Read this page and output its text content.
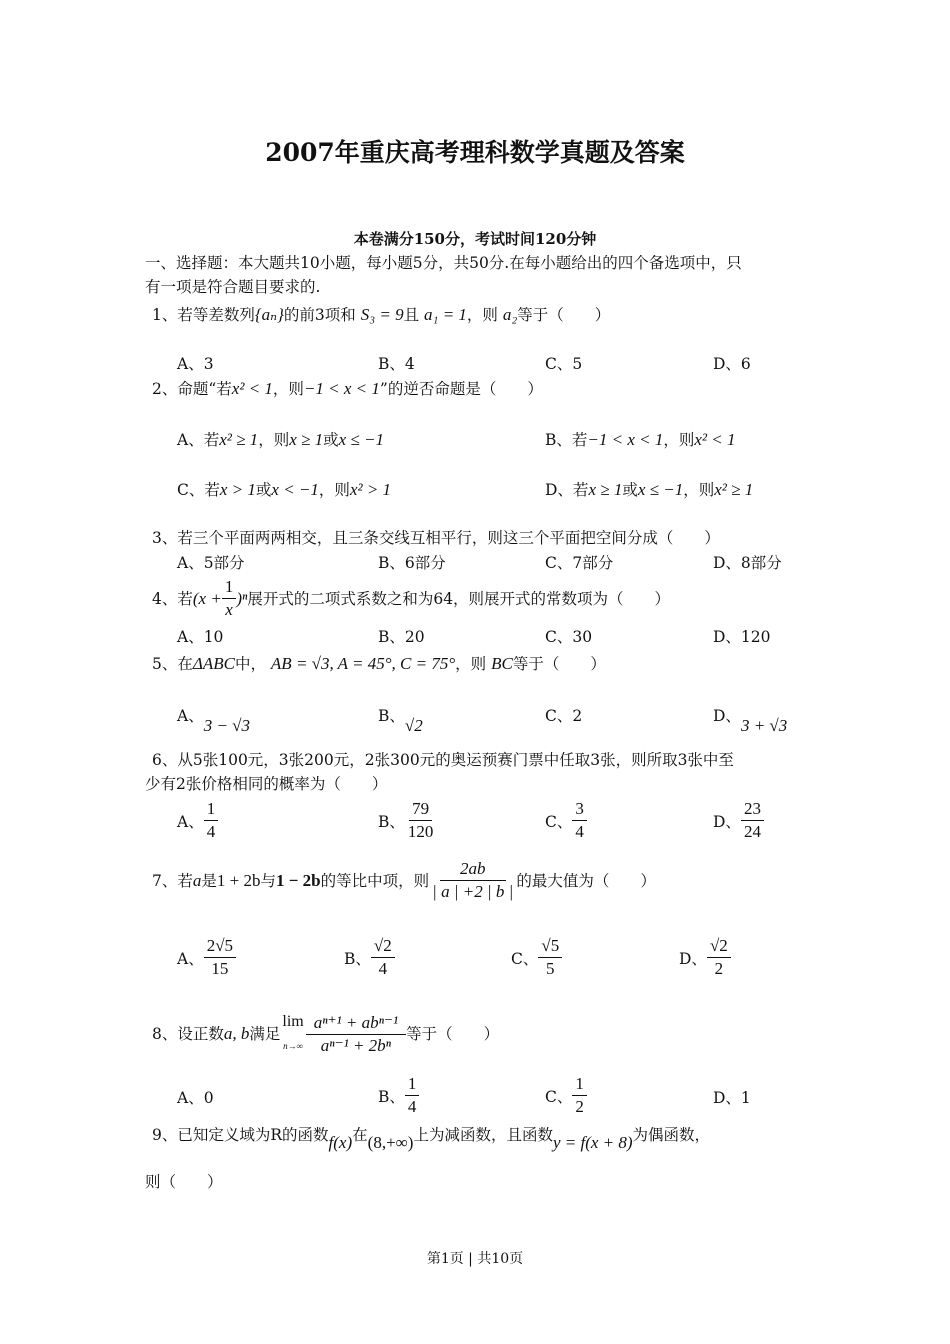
2007年重庆高考理科数学真题及答案
本卷满分150分，考试时间120分钟
一、选择题：本大题共10小题，每小题5分，共50分.在每小题给出的四个备选项中，只
有一项是符合题目要求的.
1、若等差数列{aₙ}的前3项和 S₃ = 9且 a₁ = 1，则 a₂等于（　　）
A、3	B、4	C、5	D、6
2、命题“若x² < 1，则−1 < x < 1”的逆否命题是（　　）
A、若x² ≥ 1，则x ≥ 1或x ≤ −1	B、若−1 < x < 1，则x² < 1
C、若x > 1或x < −1，则x² > 1	D、若x ≥ 1或x ≤ −1，则x² ≥ 1
3、若三个平面两两相交，且三条交线互相平行，则这三个平面把空间分成（　　）
A、5部分	B、6部分	C、7部分	D、8部分
4、若 $(x + \frac{1}{x} )^n$ 展开式的二项式系数之和为64，则展开式的常数项为（　　）
A、10	B、20	C、30	D、120
5、在ΔABC中， AB = √3, A = 45°, C = 75°，则 BC等于（　　）
A、3 − √3	B、√2	C、2	D、3 + √3
6、从5张100元，3张200元，2张300元的奥运预赛门票中任取3张，则所取3张中至
少有2张价格相同的概率为（　　）
A、 $\frac{1}{4}$	B、 $\frac{79}{120}$	C、 $\frac{3}{4}$	D、 $\frac{23}{24}$
7、若 a 是 1 + 2b 与 1 − 2b 的等比中项，则 $\frac{2ab}{| a | +2 | b |}$ 的最大值为（　　）
A、 $\frac{2√5}{15}$	B、 $\frac{√2}{4}$	C、 $\frac{√5}{5}$	D、 $\frac{√2}{2}$
8、设正数 a, b 满足
lim
$n\to\infty \frac{\text{aⁿ⁺¹ + abⁿ⁻¹}}{\text{aⁿ⁻¹ + 2bⁿ}}$ 等于（　　）
A、0	B、 $\frac{1}{4}$	C、 $\frac{1}{2}$	D、1
9、已知定义域为R的函数f(x)在(8,+∞)上为减函数，且函数y = f(x + 8)为偶函数，
则（　　）
第1页 | 共10页
